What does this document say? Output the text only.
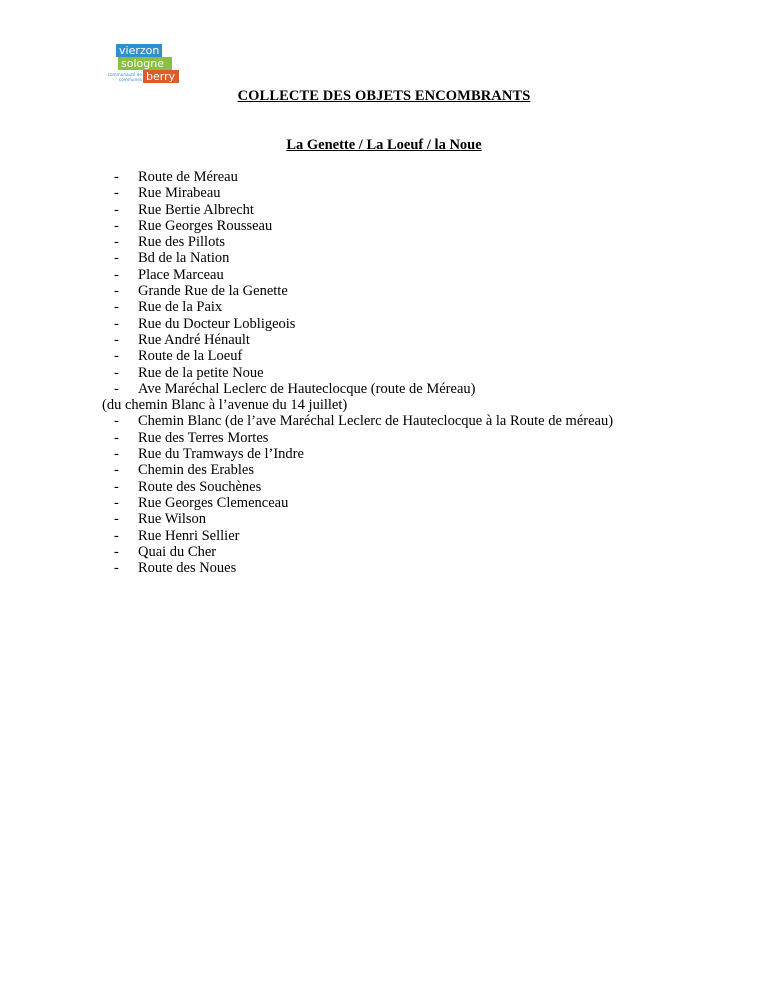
vierzon
sologne
communauté de communes berry
COLLECTE DES OBJETS ENCOMBRANTS
La Genette / La Loeuf / la Noue
- Route de Méreau
- Rue Mirabeau
- Rue Bertie Albrecht
- Rue Georges Rousseau
- Rue des Pillots
- Bd de la Nation
- Place Marceau
- Grande Rue de la Genette
- Rue de la Paix
- Rue du Docteur Lobligeois
- Rue André Hénault
- Route de la Loeuf
- Rue de la petite Noue
- Ave Maréchal Leclerc de Hauteclocque (route de Méreau)
(du chemin Blanc à l’avenue du 14 juillet)
- Chemin Blanc (de l’ave Maréchal Leclerc de Hauteclocque à la Route de méreau)
- Rue des Terres Mortes
- Rue du Tramways de l’Indre
- Chemin des Erables
- Route des Souchènes
- Rue Georges Clemenceau
- Rue Wilson
- Rue Henri Sellier
- Quai du Cher
- Route des Noues
